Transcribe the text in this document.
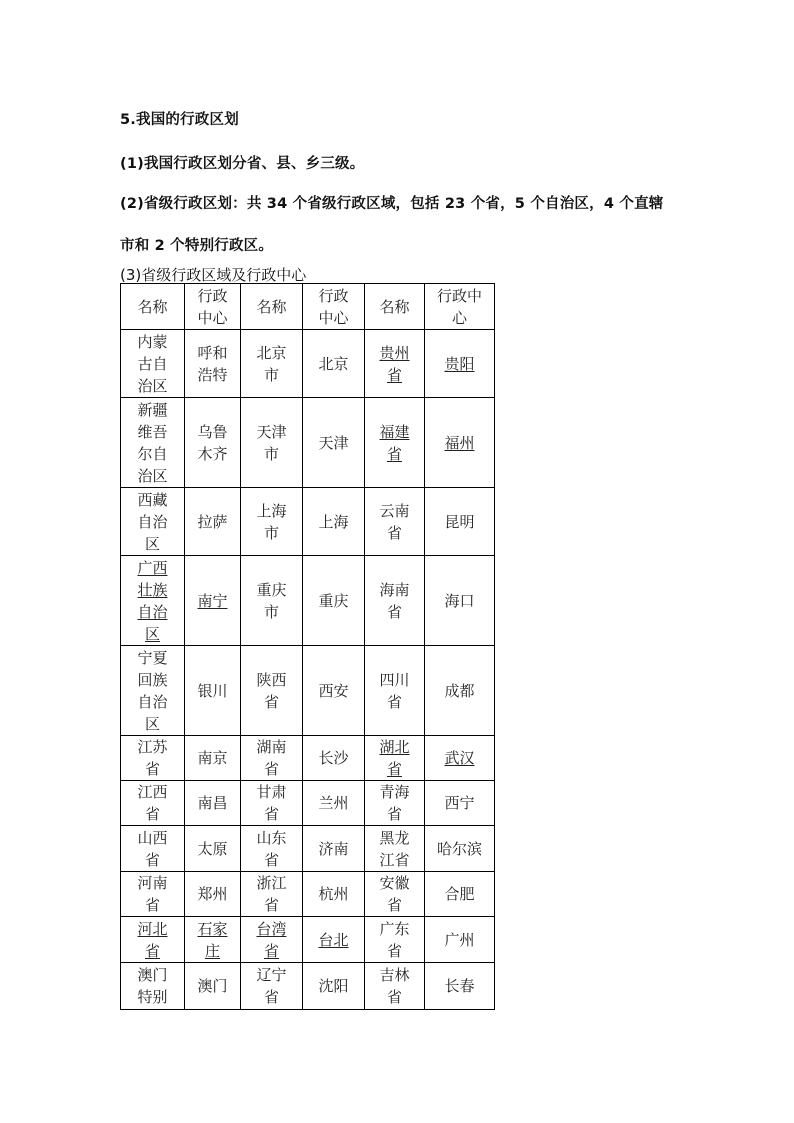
5.我国的行政区划

(1)我国行政区划分省、县、乡三级。

(2)省级行政区划：共 34 个省级行政区域，包括 23 个省，5 个自治区，4 个直辖

市和 2 个特别行政区。

(3)省级行政区域及行政中心

名称	行政中心	名称	行政中心	名称	行政中心
内蒙古自治区	呼和浩特	北京市	北京	贵州省	贵阳
新疆维吾尔自治区	乌鲁木齐	天津市	天津	福建省	福州
西藏自治区	拉萨	上海市	上海	云南省	昆明
广西壮族自治区	南宁	重庆市	重庆	海南省	海口
宁夏回族自治区	银川	陕西省	西安	四川省	成都
江苏省	南京	湖南省	长沙	湖北省	武汉
江西省	南昌	甘肃省	兰州	青海省	西宁
山西省	太原	山东省	济南	黑龙江省	哈尔滨
河南省	郑州	浙江省	杭州	安徽省	合肥
河北省	石家庄	台湾省	台北	广东省	广州
澳门特别	澳门	辽宁省	沈阳	吉林省	长春
